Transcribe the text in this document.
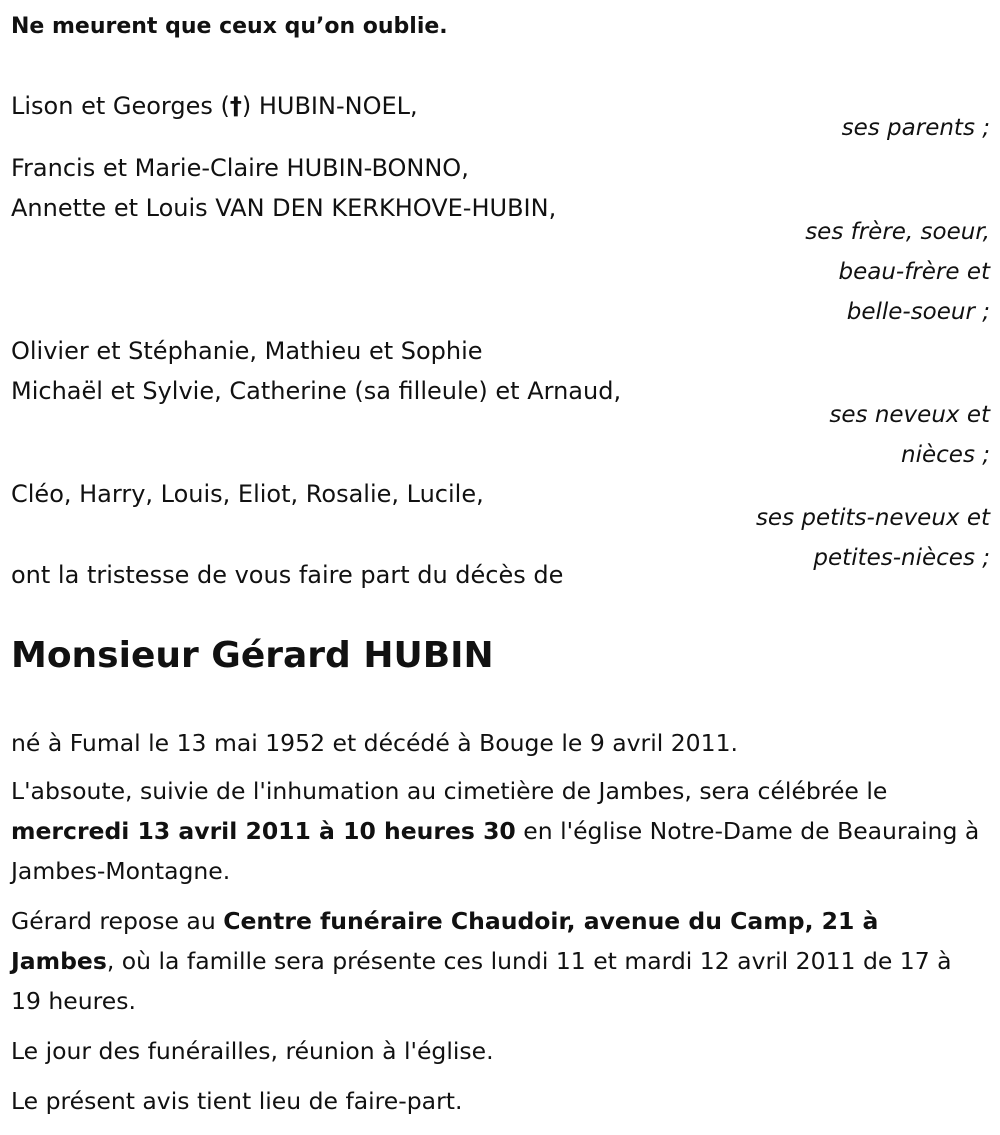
Ne meurent que ceux qu’on oublie.

Lison et Georges (†) HUBIN-NOEL,
ses parents ;
Francis et Marie-Claire HUBIN-BONNO,
Annette et Louis VAN DEN KERKHOVE-HUBIN,
ses frère, soeur,
beau-frère et
belle-soeur ;
Olivier et Stéphanie, Mathieu et Sophie
Michaël et Sylvie, Catherine (sa filleule) et Arnaud,
ses neveux et
nièces ;
Cléo, Harry, Louis, Eliot, Rosalie, Lucile,
ses petits-neveux et
petites-nièces ;
ont la tristesse de vous faire part du décès de
Monsieur Gérard HUBIN

né à Fumal le 13 mai 1952 et décédé à Bouge le 9 avril 2011.

L'absoute, suivie de l'inhumation au cimetière de Jambes, sera célébrée le mercredi 13 avril 2011 à 10 heures 30 en l'église Notre-Dame de Beauraing à Jambes-Montagne.

Gérard repose au Centre funéraire Chaudoir, avenue du Camp, 21 à Jambes, où la famille sera présente ces lundi 11 et mardi 12 avril 2011 de 17 à 19 heures.

Le jour des funérailles, réunion à l'église.

Le présent avis tient lieu de faire-part.
